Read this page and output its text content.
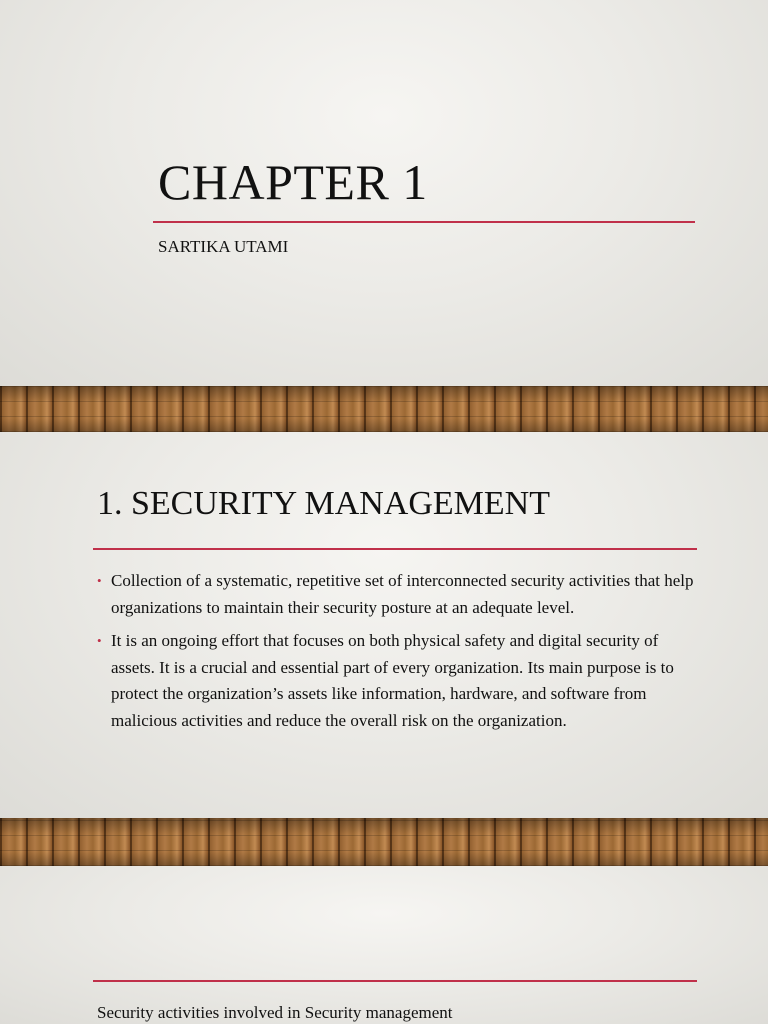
CHAPTER 1

SARTIKA UTAMI

1. SECURITY MANAGEMENT
• Collection of a systematic, repetitive set of interconnected security activities that help organizations to maintain their security posture at an adequate level.
• It is an ongoing effort that focuses on both physical safety and digital security of assets. It is a crucial and essential part of every organization. Its main purpose is to protect the organization’s assets like information, hardware, and software from malicious activities and reduce the overall risk on the organization.

Security activities involved in Security management
